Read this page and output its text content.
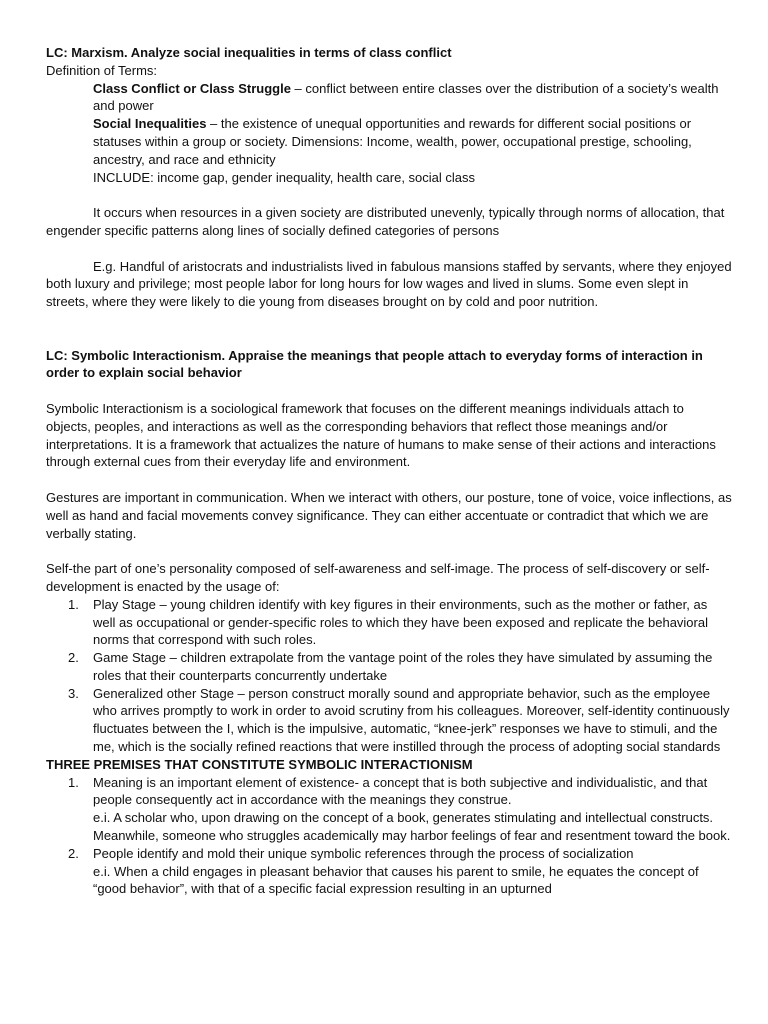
LC: Marxism. Analyze social inequalities in terms of class conflict

Definition of Terms:

Class Conflict or Class Struggle – conflict between entire classes over the distribution of a society’s wealth and power

Social Inequalities – the existence of unequal opportunities and rewards for different social positions or statuses within a group or society. Dimensions: Income, wealth, power, occupational prestige, schooling, ancestry, and race and ethnicity

INCLUDE: income gap, gender inequality, health care, social class

It occurs when resources in a given society are distributed unevenly, typically through norms of allocation, that engender specific patterns along lines of socially defined categories of persons

E.g. Handful of aristocrats and industrialists lived in fabulous mansions staffed by servants, where they enjoyed both luxury and privilege; most people labor for long hours for low wages and lived in slums. Some even slept in streets, where they were likely to die young from diseases brought on by cold and poor nutrition.

LC: Symbolic Interactionism. Appraise the meanings that people attach to everyday forms of interaction in order to explain social behavior

Symbolic Interactionism is a sociological framework that focuses on the different meanings individuals attach to objects, peoples, and interactions as well as the corresponding behaviors that reflect those meanings and/or interpretations. It is a framework that actualizes the nature of humans to make sense of their actions and interactions through external cues from their everyday life and environment.

Gestures are important in communication. When we interact with others, our posture, tone of voice, voice inflections, as well as hand and facial movements convey significance. They can either accentuate or contradict that which we are verbally stating.

Self-the part of one’s personality composed of self-awareness and self-image. The process of self-discovery or self-development is enacted by the usage of:

1. Play Stage – young children identify with key figures in their environments, such as the mother or father, as well as occupational or gender-specific roles to which they have been exposed and replicate the behavioral norms that correspond with such roles.
2. Game Stage – children extrapolate from the vantage point of the roles they have simulated by assuming the roles that their counterparts concurrently undertake
3. Generalized other Stage – person construct morally sound and appropriate behavior, such as the employee who arrives promptly to work in order to avoid scrutiny from his colleagues. Moreover, self-identity continuously fluctuates between the I, which is the impulsive, automatic, “knee-jerk” responses we have to stimuli, and the me, which is the socially refined reactions that were instilled through the process of adopting social standards

THREE PREMISES THAT CONSTITUTE SYMBOLIC INTERACTIONISM

1. Meaning is an important element of existence- a concept that is both subjective and individualistic, and that people consequently act in accordance with the meanings they construe.
e.i. A scholar who, upon drawing on the concept of a book, generates stimulating and intellectual constructs. Meanwhile, someone who struggles academically may harbor feelings of fear and resentment toward the book.
2. People identify and mold their unique symbolic references through the process of socialization
e.i. When a child engages in pleasant behavior that causes his parent to smile, he equates the concept of “good behavior”, with that of a specific facial expression resulting in an upturned
